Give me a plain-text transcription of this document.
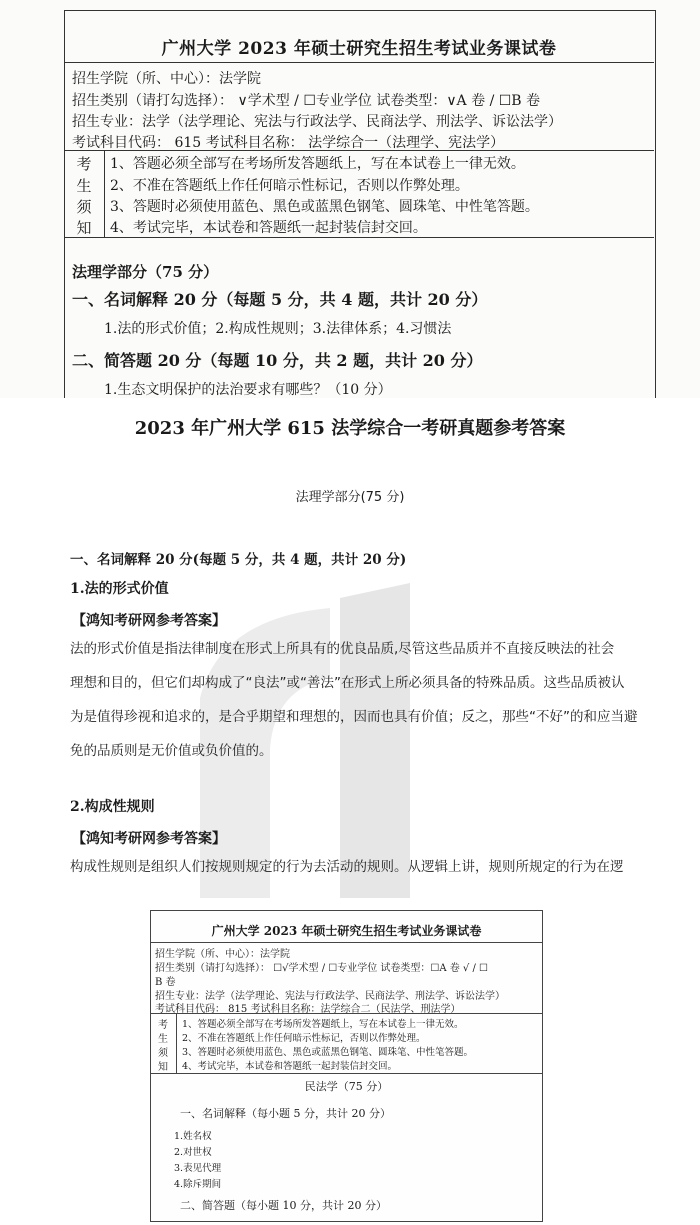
广州大学 2023 年硕士研究生招生考试业务课试卷
招生学院（所、中心）：法学院
招生类别（请打勾选择）： ∨学术型 / ☐专业学位 试卷类型：∨A 卷 / ☐B 卷
招生专业：法学（法学理论、宪法与行政法学、民商法学、刑法学、诉讼法学）
考试科目代码： 615 考试科目名称： 法学综合一（法理学、宪法学）
考
生
须
知
1、答题必须全部写在考场所发答题纸上，写在本试卷上一律无效。
2、不准在答题纸上作任何暗示性标记，否则以作弊处理。
3、答题时必须使用蓝色、黑色或蓝黑色钢笔、圆珠笔、中性笔答题。
4、考试完毕，本试卷和答题纸一起封装信封交回。
法理学部分（75 分）
一、名词解释 20 分（每题 5 分，共 4 题，共计 20 分）
1.法的形式价值；2.构成性规则；3.法律体系；4.习惯法
二、简答题 20 分（每题 10 分，共 2 题，共计 20 分）
1.生态文明保护的法治要求有哪些？（10 分）
2023 年广州大学 615 法学综合一考研真题参考答案
法理学部分(75 分)
一、名词解释 20 分(每题 5 分，共 4 题，共计 20 分)
1.法的形式价值
【鸿知考研网参考答案】
法的形式价值是指法律制度在形式上所具有的优良品质,尽管这些品质并不直接反映法的社会
理想和目的，但它们却构成了“良法”或“善法”在形式上所必须具备的特殊品质。这些品质被认
为是值得珍视和追求的，是合乎期望和理想的，因而也具有价值；反之，那些“不好”的和应当避
免的品质则是无价值或负价值的。
2.构成性规则
【鸿知考研网参考答案】
构成性规则是组织人们按规则规定的行为去活动的规则。从逻辑上讲，规则所规定的行为在逻
广州大学 2023 年硕士研究生招生考试业务课试卷
招生学院（所、中心）：法学院
招生类别（请打勾选择）： ☐√学术型 / ☐专业学位 试卷类型：☐A 卷 √ / ☐
B 卷
招生专业：法学（法学理论、宪法与行政法学、民商法学、刑法学、诉讼法学）
考试科目代码： 815 考试科目名称：法学综合二（民法学、刑法学）
考
生
须
知
1、答题必须全部写在考场所发答题纸上，写在本试卷上一律无效。
2、不准在答题纸上作任何暗示性标记，否则以作弊处理。
3、答题时必须使用蓝色、黑色或蓝黑色钢笔、圆珠笔、中性笔答题。
4、考试完毕，本试卷和答题纸一起封装信封交回。
民法学（75 分）
一、名词解释（每小题 5 分，共计 20 分）
1.姓名权
2.对世权
3.表见代理
4.除斥期间
二、简答题（每小题 10 分，共计 20 分）
